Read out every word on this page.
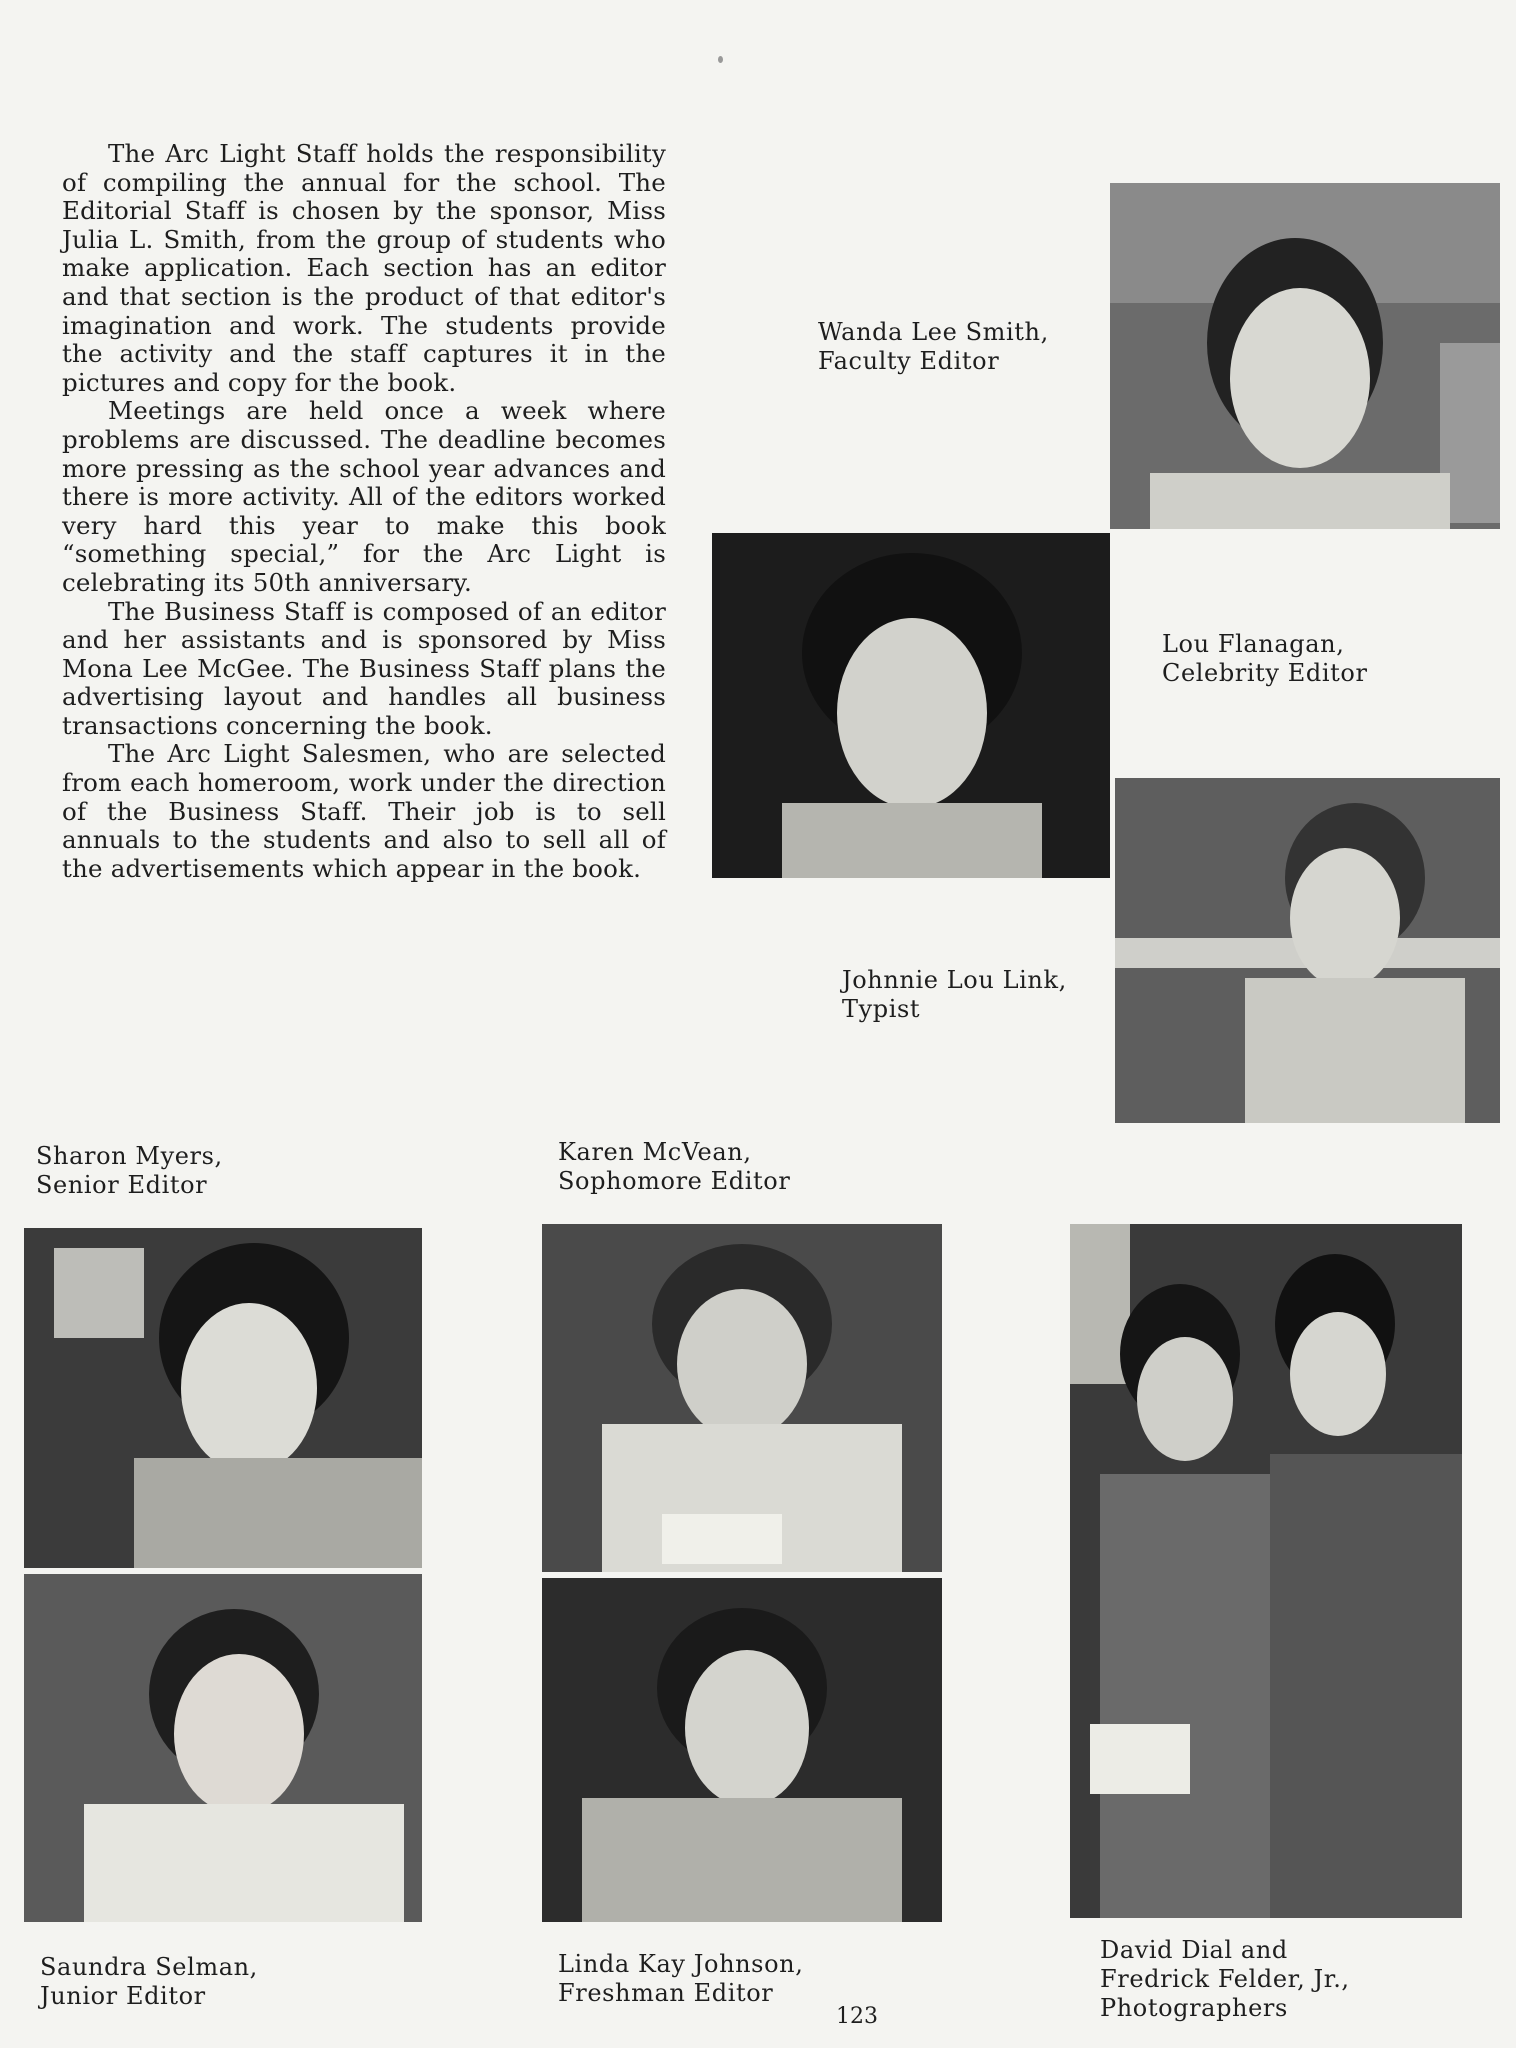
The Arc Light Staff holds the responsibility of compiling the annual for the school. The Editorial Staff is chosen by the sponsor, Miss Julia L. Smith, from the group of students who make application. Each section has an editor and that section is the product of that editor's imagination and work. The students provide the activity and the staff captures it in the pictures and copy for the book.

Meetings are held once a week where problems are discussed. The deadline becomes more pressing as the school year advances and there is more activity. All of the editors worked very hard this year to make this book “something special,” for the Arc Light is celebrating its 50th anniversary.

The Business Staff is composed of an editor and her assistants and is sponsored by Miss Mona Lee McGee. The Business Staff plans the advertising layout and handles all business transactions concerning the book.

The Arc Light Salesmen, who are selected from each homeroom, work under the direction of the Business Staff. Their job is to sell annuals to the students and also to sell all of the advertisements which appear in the book.

Wanda Lee Smith,
Faculty Editor
Lou Flanagan,
Celebrity Editor
Johnnie Lou Link,
Typist
Sharon Myers,
Senior Editor
Karen McVean,
Sophomore Editor
Saundra Selman,
Junior Editor
Linda Kay Johnson,
Freshman Editor
David Dial and
Fredrick Felder, Jr.,
Photographers
123
